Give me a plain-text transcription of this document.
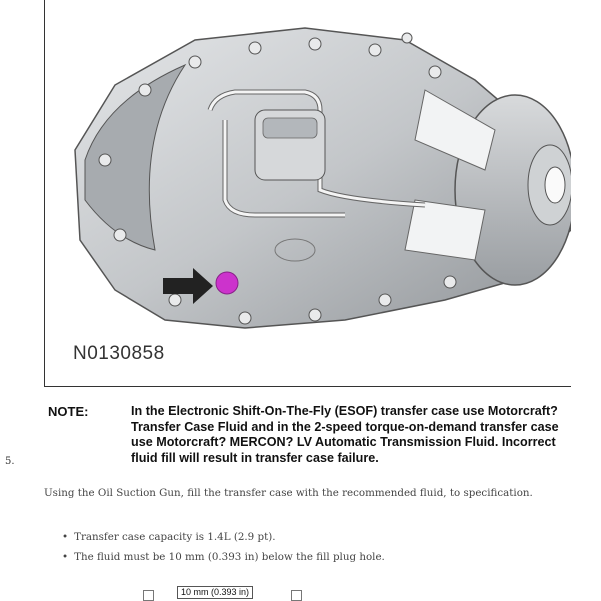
N0130858
NOTE:	In the Electronic Shift-On-The-Fly (ESOF) transfer case use Motorcraft? Transfer Case Fluid and in the 2-speed torque-on-demand transfer case use Motorcraft? MERCON? LV Automatic Transmission Fluid. Incorrect fluid fill will result in transfer case failure.
5.
Using the Oil Suction Gun, fill the transfer case with the recommended fluid, to specification.
• Transfer case capacity is 1.4L (2.9 pt).
• The fluid must be 10 mm (0.393 in) below the fill plug hole.
10 mm (0.393 in)
